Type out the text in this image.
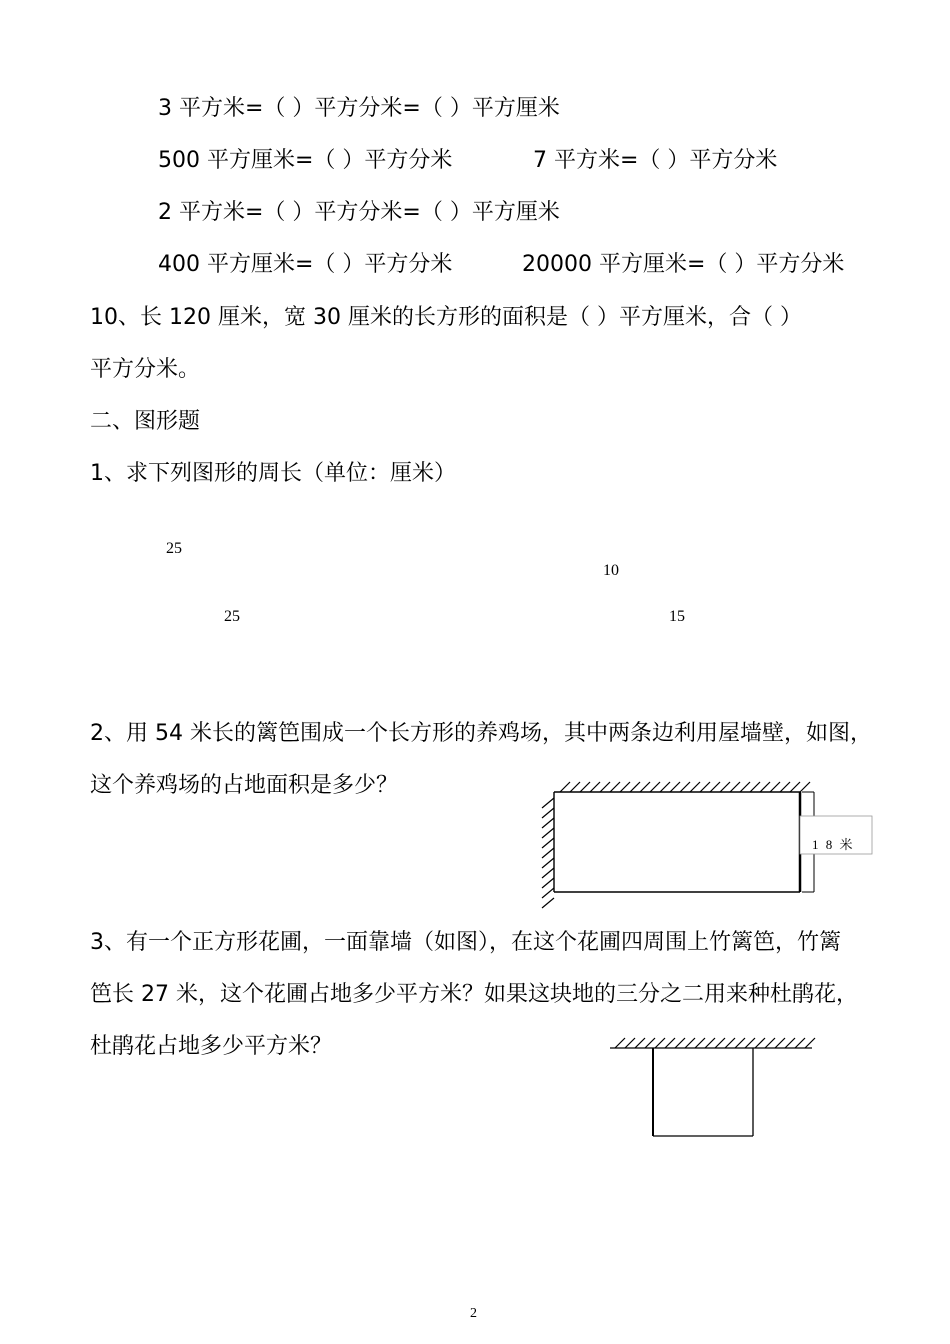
3 平方米=（ ）平方分米=（ ）平方厘米
500 平方厘米=（ ）平方分米	7 平方米=（ ）平方分米
2 平方米=（ ）平方分米=（ ）平方厘米
400 平方厘米=（ ）平方分米	20000 平方厘米=（ ）平方分米
10、长 120 厘米，宽 30 厘米的长方形的面积是（ ）平方厘米，合（ ）
平方分米。
二、图形题
1、求下列图形的周长（单位：厘米）
25
25
10
15
2、用 54 米长的篱笆围成一个长方形的养鸡场，其中两条边利用屋墙壁，如图，
这个养鸡场的占地面积是多少？
1 8 米
3、有一个正方形花圃，一面靠墙（如图），在这个花圃四周围上竹篱笆，竹篱
笆长 27 米，这个花圃占地多少平方米？如果这块地的三分之二用来种杜鹃花，
杜鹃花占地多少平方米？
2
